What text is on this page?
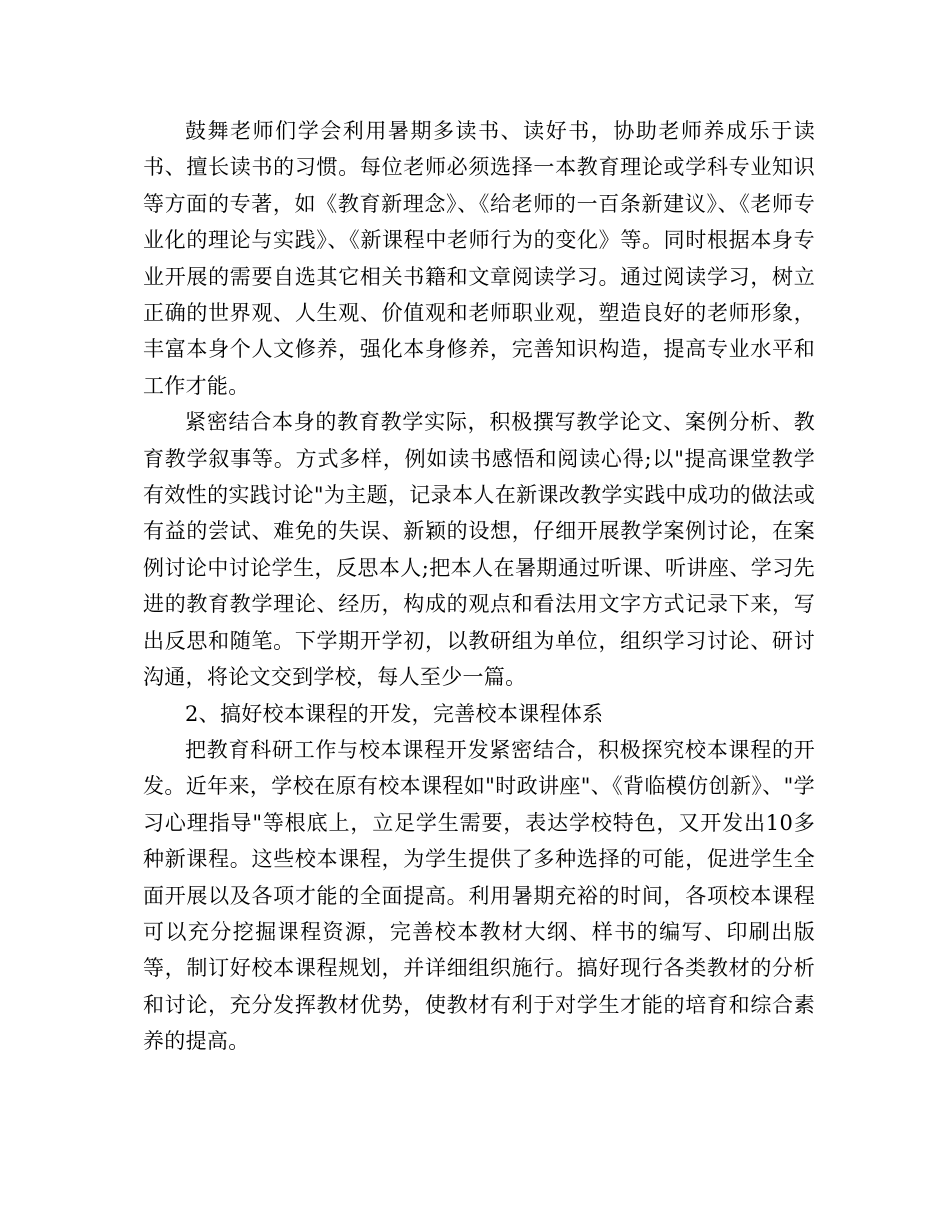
鼓舞老师们学会利用暑期多读书、读好书，协助老师养成乐于读书、擅长读书的习惯。每位老师必须选择一本教育理论或学科专业知识等方面的专著，如《教育新理念》、《给老师的一百条新建议》、《老师专业化的理论与实践》、《新课程中老师行为的变化》等。同时根据本身专业开展的需要自选其它相关书籍和文章阅读学习。通过阅读学习，树立正确的世界观、人生观、价值观和老师职业观，塑造良好的老师形象，丰富本身个人文修养，强化本身修养，完善知识构造，提高专业水平和工作才能。

紧密结合本身的教育教学实际，积极撰写教学论文、案例分析、教育教学叙事等。方式多样，例如读书感悟和阅读心得;以"提高课堂教学有效性的实践讨论"为主题，记录本人在新课改教学实践中成功的做法或有益的尝试、难免的失误、新颖的设想，仔细开展教学案例讨论，在案例讨论中讨论学生，反思本人;把本人在暑期通过听课、听讲座、学习先进的教育教学理论、经历，构成的观点和看法用文字方式记录下来，写出反思和随笔。下学期开学初，以教研组为单位，组织学习讨论、研讨沟通，将论文交到学校，每人至少一篇。

2、搞好校本课程的开发，完善校本课程体系

把教育科研工作与校本课程开发紧密结合，积极探究校本课程的开发。近年来，学校在原有校本课程如"时政讲座"、《背临模仿创新》、"学习心理指导"等根底上，立足学生需要，表达学校特色，又开发出10多种新课程。这些校本课程，为学生提供了多种选择的可能，促进学生全面开展以及各项才能的全面提高。利用暑期充裕的时间，各项校本课程可以充分挖掘课程资源，完善校本教材大纲、样书的编写、印刷出版等，制订好校本课程规划，并详细组织施行。搞好现行各类教材的分析和讨论，充分发挥教材优势，使教材有利于对学生才能的培育和综合素养的提高。
